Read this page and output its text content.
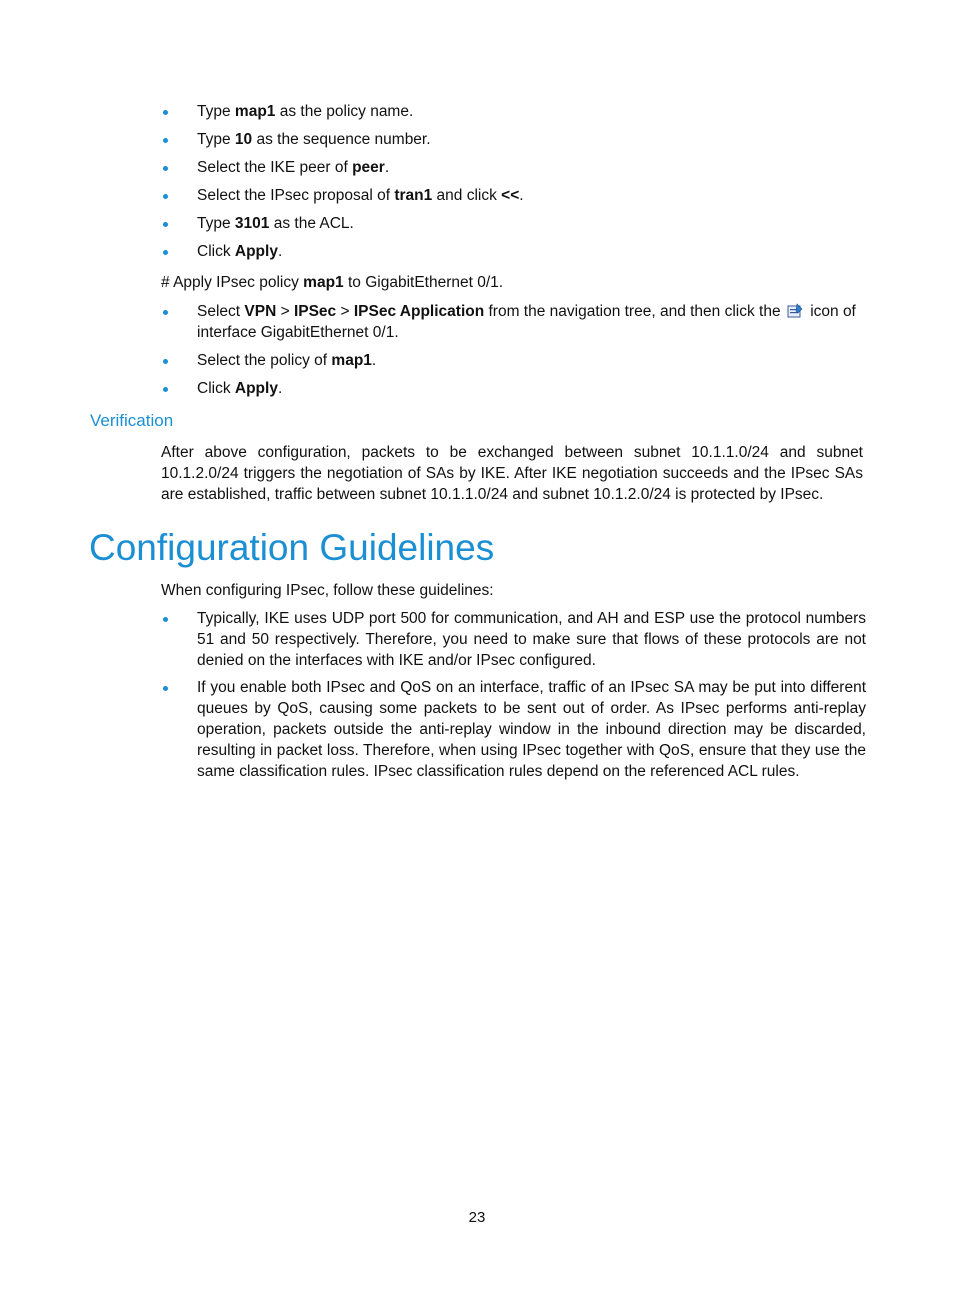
Type map1 as the policy name.
Type 10 as the sequence number.
Select the IKE peer of peer.
Select the IPsec proposal of tran1 and click <<.
Type 3101 as the ACL.
Click Apply.

# Apply IPsec policy map1 to GigabitEthernet 0/1.

Select VPN > IPSec > IPSec Application from the navigation tree, and then click the  icon of interface GigabitEthernet 0/1.
Select the policy of map1.
Click Apply.
Verification

After above configuration, packets to be exchanged between subnet 10.1.1.0/24 and subnet 10.1.2.0/24 triggers the negotiation of SAs by IKE. After IKE negotiation succeeds and the IPsec SAs are established, traffic between subnet 10.1.1.0/24 and subnet 10.1.2.0/24 is protected by IPsec.

Configuration Guidelines

When configuring IPsec, follow these guidelines:

Typically, IKE uses UDP port 500 for communication, and AH and ESP use the protocol numbers 51 and 50 respectively. Therefore, you need to make sure that flows of these protocols are not denied on the interfaces with IKE and/or IPsec configured.
If you enable both IPsec and QoS on an interface, traffic of an IPsec SA may be put into different queues by QoS, causing some packets to be sent out of order. As IPsec performs anti-replay operation, packets outside the anti-replay window in the inbound direction may be discarded, resulting in packet loss. Therefore, when using IPsec together with QoS, ensure that they use the same classification rules. IPsec classification rules depend on the referenced ACL rules.
23
